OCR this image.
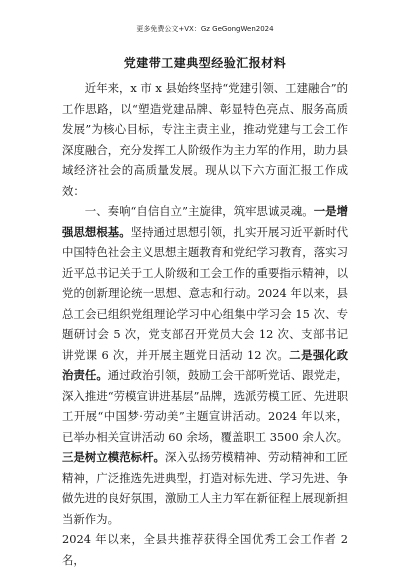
更多免费公文+VX：Gz GeGongWen2024
党建带工建典型经验汇报材料

近年来，x 市 x 县始终坚持“党建引领、工建融合”的工作思路，以“塑造党建品牌、彰显特色亮点、服务高质发展”为核心目标，专注主责主业，推动党建与工会工作深度融合，充分发挥工人阶级作为主力军的作用，助力县域经济社会的高质量发展。现从以下六方面汇报工作成效：

一、奏响“自信自立”主旋律，筑牢思诚灵魂。一是增强思想根基。坚持通过思想引领，扎实开展习近平新时代中国特色社会主义思想主题教育和党纪学习教育，落实习近平总书记关于工人阶级和工会工作的重要指示精神，以党的创新理论统一思想、意志和行动。2024 年以来，县总工会已组织党组理论学习中心组集中学习会 15 次、专题研讨会 5 次，党支部召开党员大会 12 次、支部书记讲党课 6 次，并开展主题党日活动 12 次。二是强化政治责任。通过政治引领，鼓励工会干部听党话、跟党走，深入推进“劳模宣讲进基层”品牌，选派劳模工匠、先进职工开展“中国梦·劳动美”主题宣讲活动。2024 年以来，已举办相关宣讲活动 60 余场，覆盖职工 3500 余人次。三是树立模范标杆。深入弘扬劳模精神、劳动精神和工匠精神，广泛推选先进典型，打造对标先进、学习先进、争做先进的良好氛围，激励工人主力军在新征程上展现新担当新作为。

2024 年以来，全县共推荐获得全国优秀工会工作者 2 名，
